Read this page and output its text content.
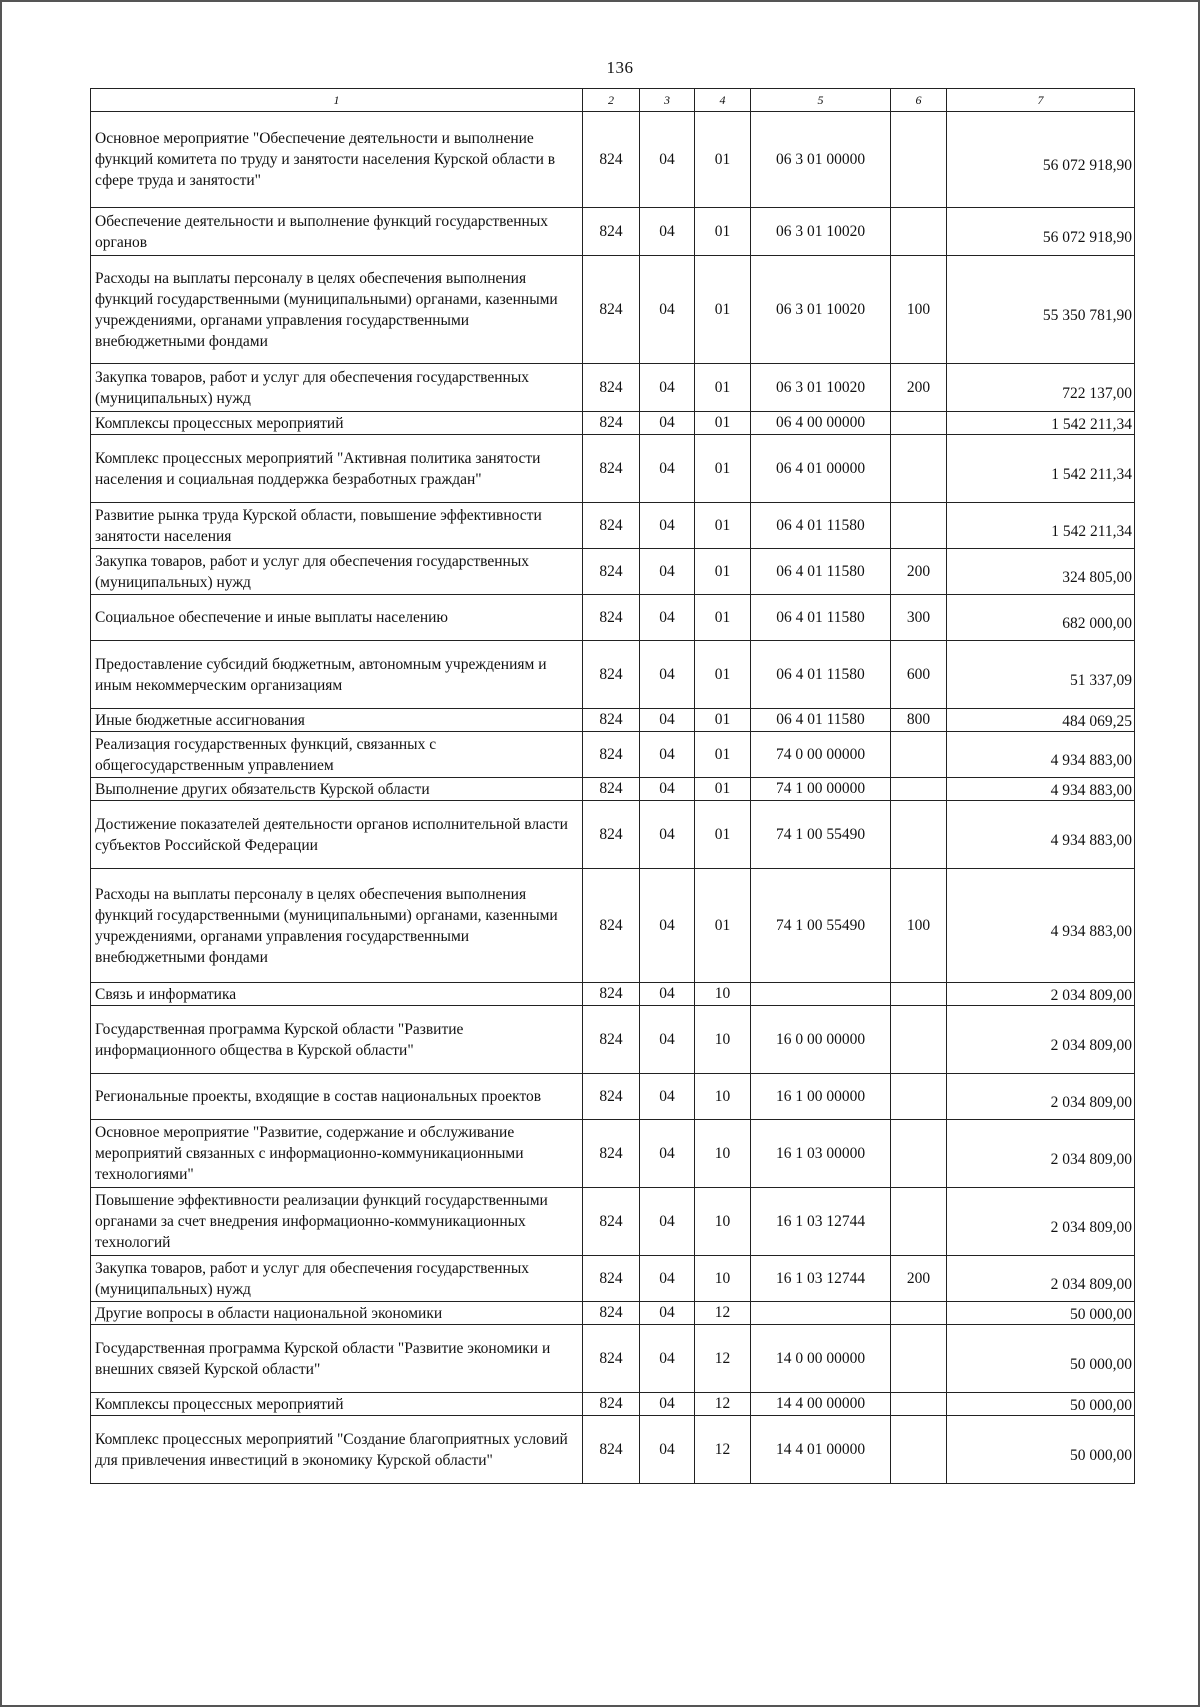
136
1	2	3	4	5	6	7
Основное мероприятие "Обеспечение деятельности и выполнение функций комитета по труду и занятости населения Курской области в сфере труда и занятости"	824	04	01	06 3 01 00000		56 072 918,90
Обеспечение деятельности и выполнение функций государственных органов	824	04	01	06 3 01 10020		56 072 918,90
Расходы на выплаты персоналу в целях обеспечения выполнения функций государственными (муниципальными) органами, казенными учреждениями, органами управления государственными внебюджетными фондами	824	04	01	06 3 01 10020	100	55 350 781,90
Закупка товаров, работ и услуг для обеспечения государственных (муниципальных) нужд	824	04	01	06 3 01 10020	200	722 137,00
Комплексы процессных мероприятий	824	04	01	06 4 00 00000		1 542 211,34
Комплекс процессных мероприятий "Активная политика занятости населения и социальная поддержка безработных граждан"	824	04	01	06 4 01 00000		1 542 211,34
Развитие рынка труда Курской области, повышение эффективности занятости населения	824	04	01	06 4 01 11580		1 542 211,34
Закупка товаров, работ и услуг для обеспечения государственных (муниципальных) нужд	824	04	01	06 4 01 11580	200	324 805,00
Социальное обеспечение и иные выплаты населению	824	04	01	06 4 01 11580	300	682 000,00
Предоставление субсидий бюджетным, автономным учреждениям и иным некоммерческим организациям	824	04	01	06 4 01 11580	600	51 337,09
Иные бюджетные ассигнования	824	04	01	06 4 01 11580	800	484 069,25
Реализация государственных функций, связанных с общегосударственным управлением	824	04	01	74 0 00 00000		4 934 883,00
Выполнение других обязательств Курской области	824	04	01	74 1 00 00000		4 934 883,00
Достижение показателей деятельности органов исполнительной власти субъектов Российской Федерации	824	04	01	74 1 00 55490		4 934 883,00
Расходы на выплаты персоналу в целях обеспечения выполнения функций государственными (муниципальными) органами, казенными учреждениями, органами управления государственными внебюджетными фондами	824	04	01	74 1 00 55490	100	4 934 883,00
Связь и информатика	824	04	10			2 034 809,00
Государственная программа Курской области "Развитие информационного общества в Курской области"	824	04	10	16 0 00 00000		2 034 809,00
Региональные проекты, входящие в состав национальных проектов	824	04	10	16 1 00 00000		2 034 809,00
Основное мероприятие "Развитие, содержание и обслуживание мероприятий связанных с информационно-коммуникационными технологиями"	824	04	10	16 1 03 00000		2 034 809,00
Повышение эффективности реализации функций государственными органами за счет внедрения информационно-коммуникационных технологий	824	04	10	16 1 03 12744		2 034 809,00
Закупка товаров, работ и услуг для обеспечения государственных (муниципальных) нужд	824	04	10	16 1 03 12744	200	2 034 809,00
Другие вопросы в области национальной экономики	824	04	12			50 000,00
Государственная программа Курской области "Развитие экономики и внешних связей Курской области"	824	04	12	14 0 00 00000		50 000,00
Комплексы процессных мероприятий	824	04	12	14 4 00 00000		50 000,00
Комплекс процессных мероприятий "Создание благоприятных условий для привлечения инвестиций в экономику Курской области"	824	04	12	14 4 01 00000		50 000,00
